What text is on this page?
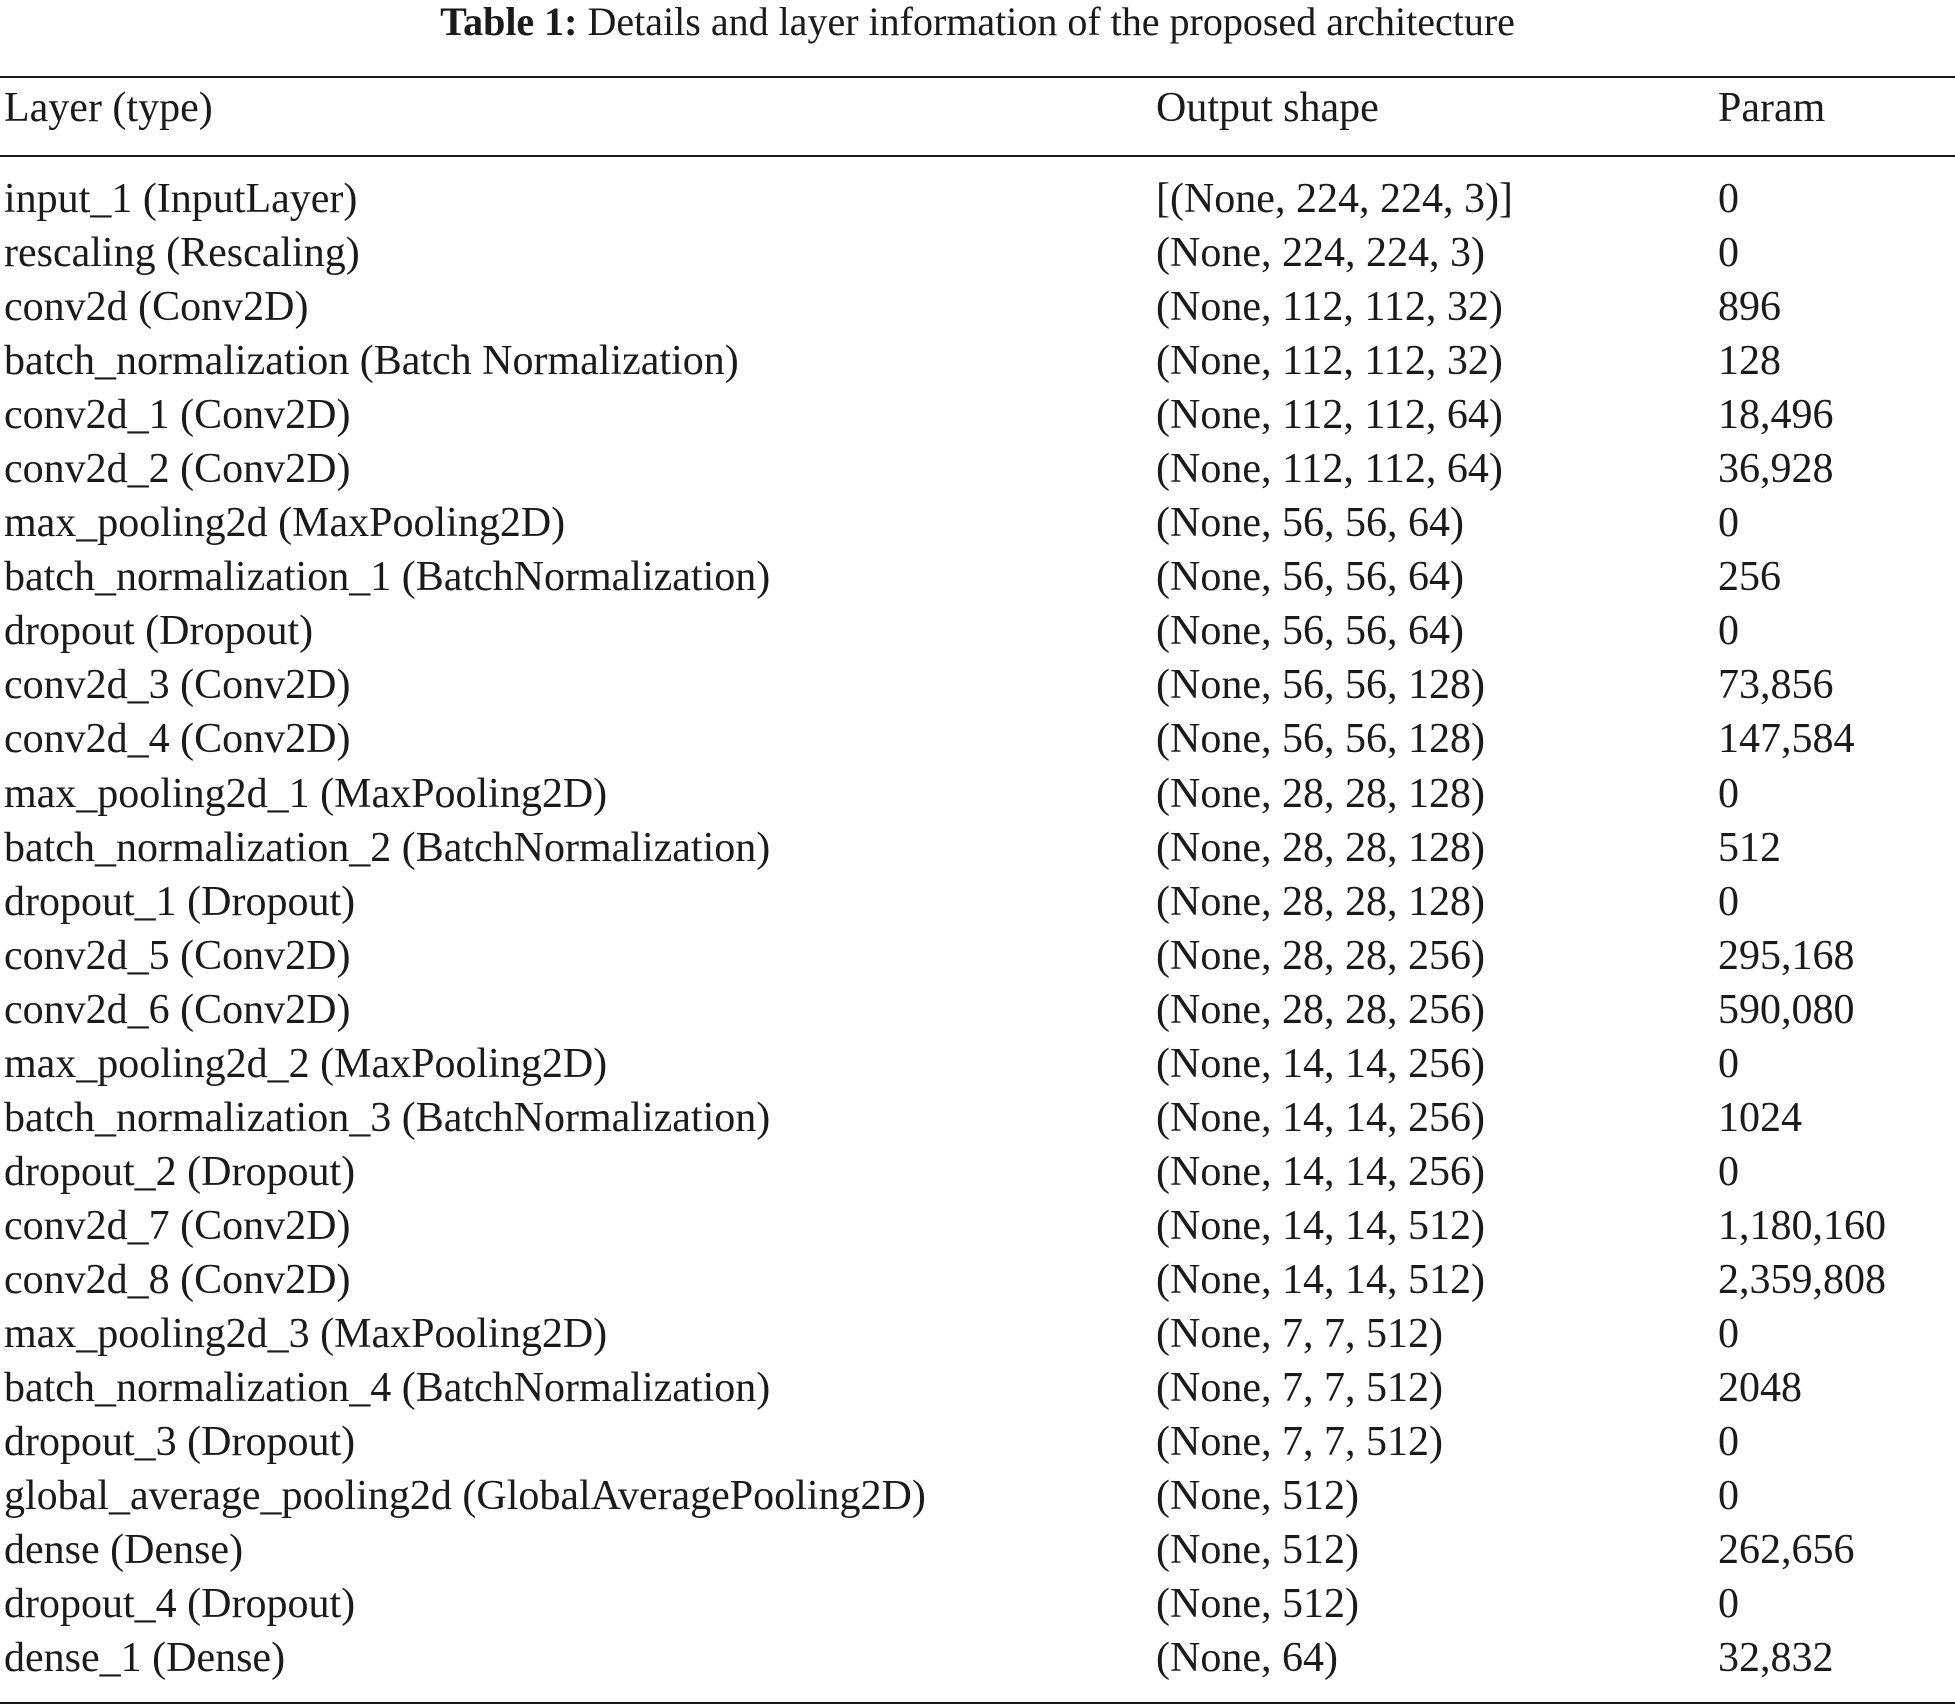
Table 1: Details and layer information of the proposed architecture
Layer (type)	Output shape	Param
input_1 (InputLayer)	[(None, 224, 224, 3)]	0
rescaling (Rescaling)	(None, 224, 224, 3)	0
conv2d (Conv2D)	(None, 112, 112, 32)	896
batch_normalization (Batch Normalization)	(None, 112, 112, 32)	128
conv2d_1 (Conv2D)	(None, 112, 112, 64)	18,496
conv2d_2 (Conv2D)	(None, 112, 112, 64)	36,928
max_pooling2d (MaxPooling2D)	(None, 56, 56, 64)	0
batch_normalization_1 (BatchNormalization)	(None, 56, 56, 64)	256
dropout (Dropout)	(None, 56, 56, 64)	0
conv2d_3 (Conv2D)	(None, 56, 56, 128)	73,856
conv2d_4 (Conv2D)	(None, 56, 56, 128)	147,584
max_pooling2d_1 (MaxPooling2D)	(None, 28, 28, 128)	0
batch_normalization_2 (BatchNormalization)	(None, 28, 28, 128)	512
dropout_1 (Dropout)	(None, 28, 28, 128)	0
conv2d_5 (Conv2D)	(None, 28, 28, 256)	295,168
conv2d_6 (Conv2D)	(None, 28, 28, 256)	590,080
max_pooling2d_2 (MaxPooling2D)	(None, 14, 14, 256)	0
batch_normalization_3 (BatchNormalization)	(None, 14, 14, 256)	1024
dropout_2 (Dropout)	(None, 14, 14, 256)	0
conv2d_7 (Conv2D)	(None, 14, 14, 512)	1,180,160
conv2d_8 (Conv2D)	(None, 14, 14, 512)	2,359,808
max_pooling2d_3 (MaxPooling2D)	(None, 7, 7, 512)	0
batch_normalization_4 (BatchNormalization)	(None, 7, 7, 512)	2048
dropout_3 (Dropout)	(None, 7, 7, 512)	0
global_average_pooling2d (GlobalAveragePooling2D)	(None, 512)	0
dense (Dense)	(None, 512)	262,656
dropout_4 (Dropout)	(None, 512)	0
dense_1 (Dense)	(None, 64)	32,832
